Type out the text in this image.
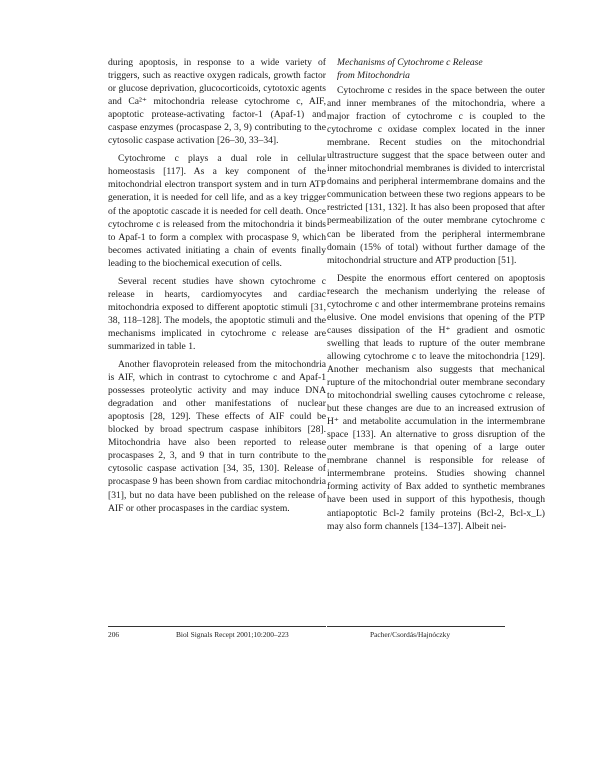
during apoptosis, in response to a wide variety of triggers, such as reactive oxygen radicals, growth factor or glucose deprivation, glucocorticoids, cytotoxic agents and Ca²⁺ mitochondria release cytochrome c, AIF, apoptotic protease-activating factor-1 (Apaf-1) and caspase enzymes (procaspase 2, 3, 9) contributing to the cytosolic caspase activation [26–30, 33–34].

Cytochrome c plays a dual role in cellular homeostasis [117]. As a key component of the mitochondrial electron transport system and in turn ATP generation, it is needed for cell life, and as a key trigger of the apoptotic cascade it is needed for cell death. Once cytochrome c is released from the mitochondria it binds to Apaf-1 to form a complex with procaspase 9, which becomes activated initiating a chain of events finally leading to the biochemical execution of cells.

Several recent studies have shown cytochrome c release in hearts, cardiomyocytes and cardiac mitochondria exposed to different apoptotic stimuli [31, 38, 118–128]. The models, the apoptotic stimuli and the mechanisms implicated in cytochrome c release are summarized in table 1.

Another flavoprotein released from the mitochondria is AIF, which in contrast to cytochrome c and Apaf-1 possesses proteolytic activity and may induce DNA degradation and other manifestations of nuclear apoptosis [28, 129]. These effects of AIF could be blocked by broad spectrum caspase inhibitors [28]. Mitochondria have also been reported to release procaspases 2, 3, and 9 that in turn contribute to the cytosolic caspase activation [34, 35, 130]. Release of procaspase 9 has been shown from cardiac mitochondria [31], but no data have been published on the release of AIF or other procaspases in the cardiac system.

Mechanisms of Cytochrome c Release
from Mitochondria

Cytochrome c resides in the space between the outer and inner membranes of the mitochondria, where a major fraction of cytochrome c is coupled to the cytochrome c oxidase complex located in the inner membrane. Recent studies on the mitochondrial ultrastructure suggest that the space between outer and inner mitochondrial membranes is divided to intercristal domains and peripheral intermembrane domains and the communication between these two regions appears to be restricted [131, 132]. It has also been proposed that after permeabilization of the outer membrane cytochrome c can be liberated from the peripheral intermembrane domain (15% of total) without further damage of the mitochondrial structure and ATP production [51].

Despite the enormous effort centered on apoptosis research the mechanism underlying the release of cytochrome c and other intermembrane proteins remains elusive. One model envisions that opening of the PTP causes dissipation of the H⁺ gradient and osmotic swelling that leads to rupture of the outer membrane allowing cytochrome c to leave the mitochondria [129]. Another mechanism also suggests that mechanical rupture of the mitochondrial outer membrane secondary to mitochondrial swelling causes cytochrome c release, but these changes are due to an increased extrusion of H⁺ and metabolite accumulation in the intermembrane space [133]. An alternative to gross disruption of the outer membrane is that opening of a large outer membrane channel is responsible for release of intermembrane proteins. Studies showing channel forming activity of Bax added to synthetic membranes have been used in support of this hypothesis, though antiapoptotic Bcl-2 family proteins (Bcl-2, Bcl-x_L) may also form channels [134–137]. Albeit nei-

206	Biol Signals Recept 2001;10:200–223	Pacher/Csordás/Hajnóczky
